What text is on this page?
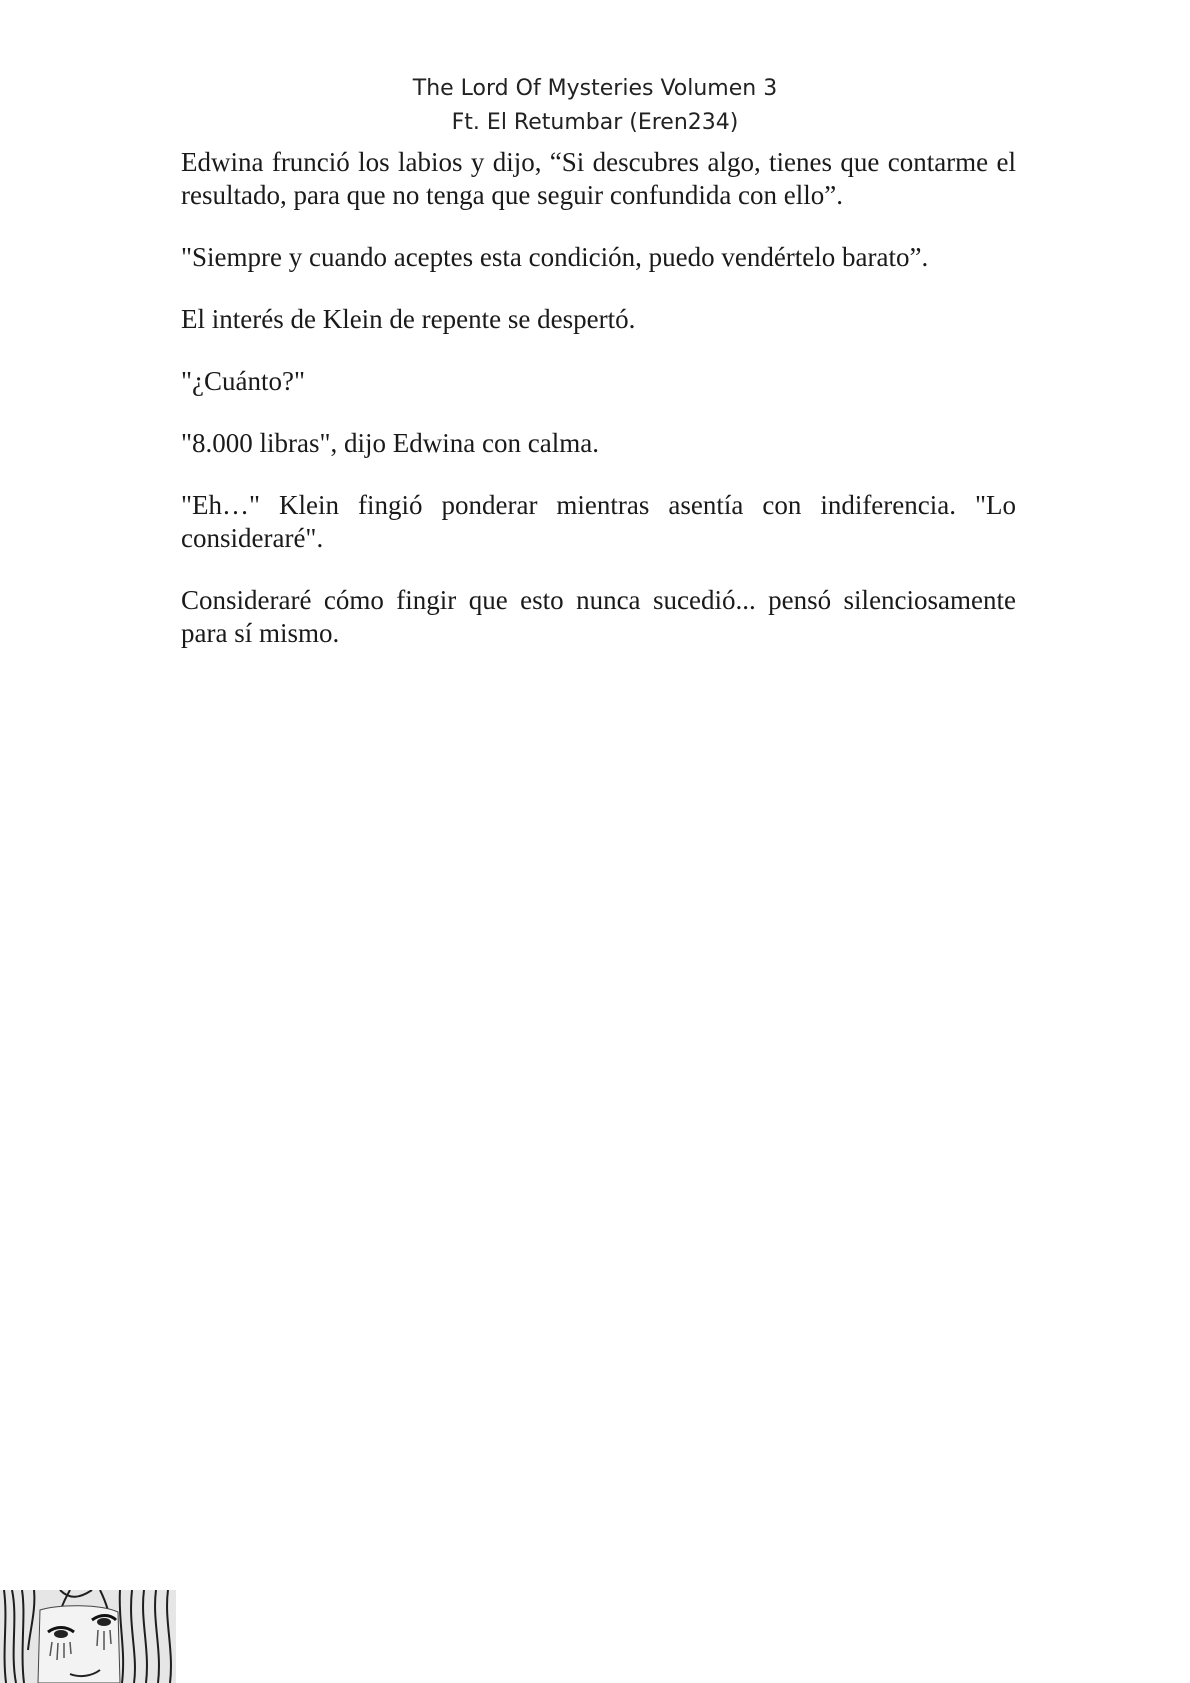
The Lord Of Mysteries Volumen 3
Ft. El Retumbar (Eren234)

Edwina frunció los labios y dijo, “Si descubres algo, tienes que contarme el resultado, para que no tenga que seguir confundida con ello”.

"Siempre y cuando aceptes esta condición, puedo vendértelo barato”.

El interés de Klein de repente se despertó.

"¿Cuánto?"

"8.000 libras", dijo Edwina con calma.

"Eh…" Klein fingió ponderar mientras asentía con indiferencia. "Lo consideraré".

Consideraré cómo fingir que esto nunca sucedió... pensó silenciosamente para sí mismo.
